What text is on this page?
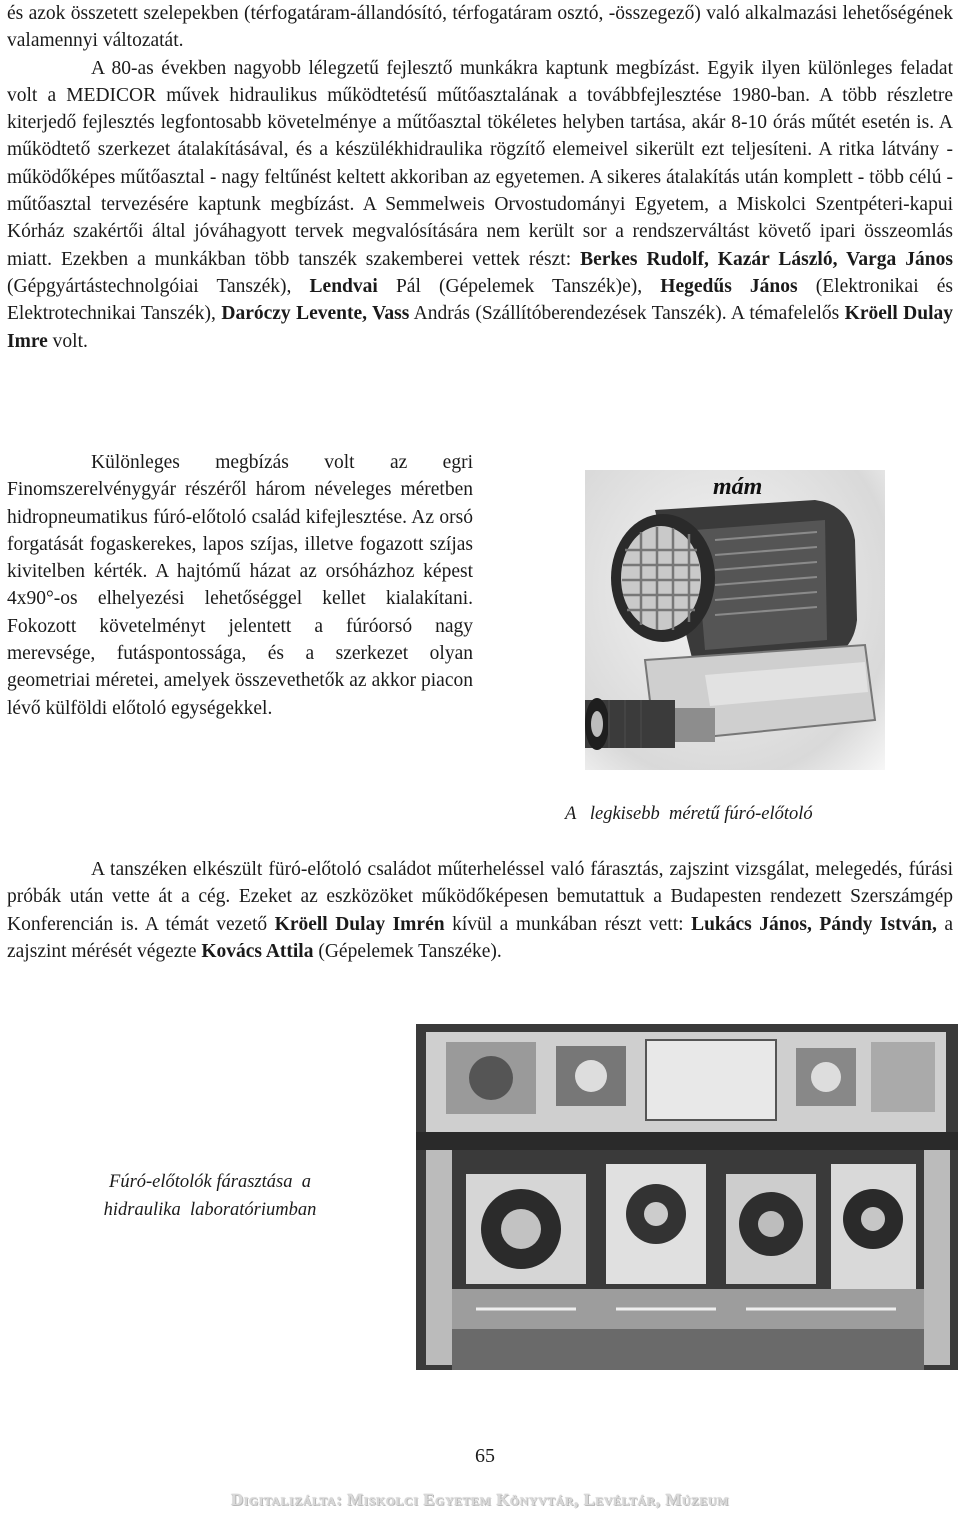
és azok összetett szelepekben (térfogatáram-állandósító, térfogatáram osztó, -összegező) való alkalmazási lehetőségének valamennyi változatát.
A 80-as években nagyobb lélegzetű fejlesztő munkákra kaptunk megbízást. Egyik ilyen különleges feladat volt a MEDICOR művek hidraulikus működtetésű műtőasztalának a továbbfejlesztése 1980-ban. A több részletre kiterjedő fejlesztés legfontosabb követelménye a műtőasztal tökéletes helyben tartása, akár 8-10 órás műtét esetén is. A működtető szerkezet átalakításával, és a készülékhidraulika rögzítő elemeivel sikerült ezt teljesíteni. A ritka látvány - működőképes műtőasztal - nagy feltűnést keltett akkoriban az egyetemen. A sikeres átalakítás után komplett - több célú - műtőasztal tervezésére kaptunk megbízást. A Semmelweis Orvostudományi Egyetem, a Miskolci Szentpéteri-kapui Kórház szakértői által jóváhagyott tervek megvalósítására nem került sor a rendszerváltást követő ipari összeomlás miatt. Ezekben a munkákban több tanszék szakemberei vettek részt: Berkes Rudolf, Kazár László, Varga János (Gépgyártástechnolgóiai Tanszék), Lendvai Pál (Gépelemek Tanszék)e), Hegedűs János (Elektronikai és Elektrotechnikai Tanszék), Daróczy Levente, Vass András (Szállítóberendezések Tanszék). A témafelelős Kröell Dulay Imre volt.

Különleges megbízás volt az egri Finomszerelvénygyár részéről három néveleges méretben hidropneumatikus fúró-előtoló család kifejlesztése. Az orsó forgatását fogaskerekes, lapos szíjas, illetve fogazott szíjas kivitelben kérték. A hajtómű házat az orsóházhoz képest 4x90°-os elhelyezési lehetőséggel kellet kialakítani. Fokozott követelményt jelentett a fúróorsó nagy merevsége, futáspontossága, és a szerkezet olyan geometriai méretei, amelyek összevethetők az akkor piacon lévő külföldi előtoló egységekkel.

mám

A   legkisebb  méretű fúró-előtoló

A tanszéken elkészült füró-előtoló családot műterheléssel való fárasztás, zajszint vizsgálat, melegedés, fúrási próbák után vette át a cég. Ezeket az eszközöket működőképesen bemutattuk a Budapesten rendezett Szerszámgép Konferencián is. A témát vezető Kröell Dulay Imrén kívül a munkában részt vett: Lukács János, Pándy István, a zajszint mérését végezte Kovács Attila (Gépelemek Tanszéke).

Fúró-előtolók fárasztása  a
hidraulika  laboratóriumban

65
Digitalizálta: Miskolci Egyetem Könyvtár, Levéltár, Múzeum
